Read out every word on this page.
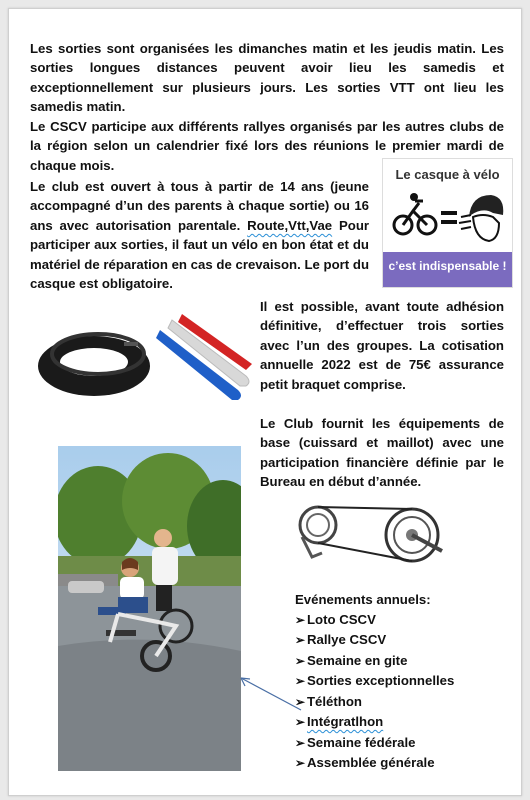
Les sorties sont organisées les dimanches matin et les jeudis matin. Les sorties longues distances peuvent avoir lieu les samedis et exceptionnellement sur plusieurs jours. Les sorties VTT ont lieu les samedis matin.

Le CSCV participe aux différents rallyes organisés par les autres clubs de la région selon un calendrier fixé lors des réunions le premier mardi de chaque mois.

Le club est ouvert à tous à partir de 14 ans (jeune accompagné d’un des parents à chaque sortie) ou 16 ans avec autorisation parentale. Route,Vtt,Vae Pour participer aux sorties, il faut un vélo en bon état et du matériel de réparation en cas de crevaison. Le port du casque est obligatoire.

Le casque à vélo
c’est indispensable !

Il est possible, avant toute adhésion définitive, d’effectuer trois sorties avec l’un des groupes. La cotisation annuelle 2022 est de 75€ assurance petit braquet comprise.

Le Club fournit les équipements de base (cuissard et maillot) avec une participation financière définie par le Bureau en début d’année.

Evénements annuels:
➢ Loto CSCV
➢ Rallye CSCV
➢ Semaine en gite
➢ Sorties exceptionnelles
➢ Téléthon
➢ Intégratlhon
➢ Semaine fédérale
➢ Assemblée générale
